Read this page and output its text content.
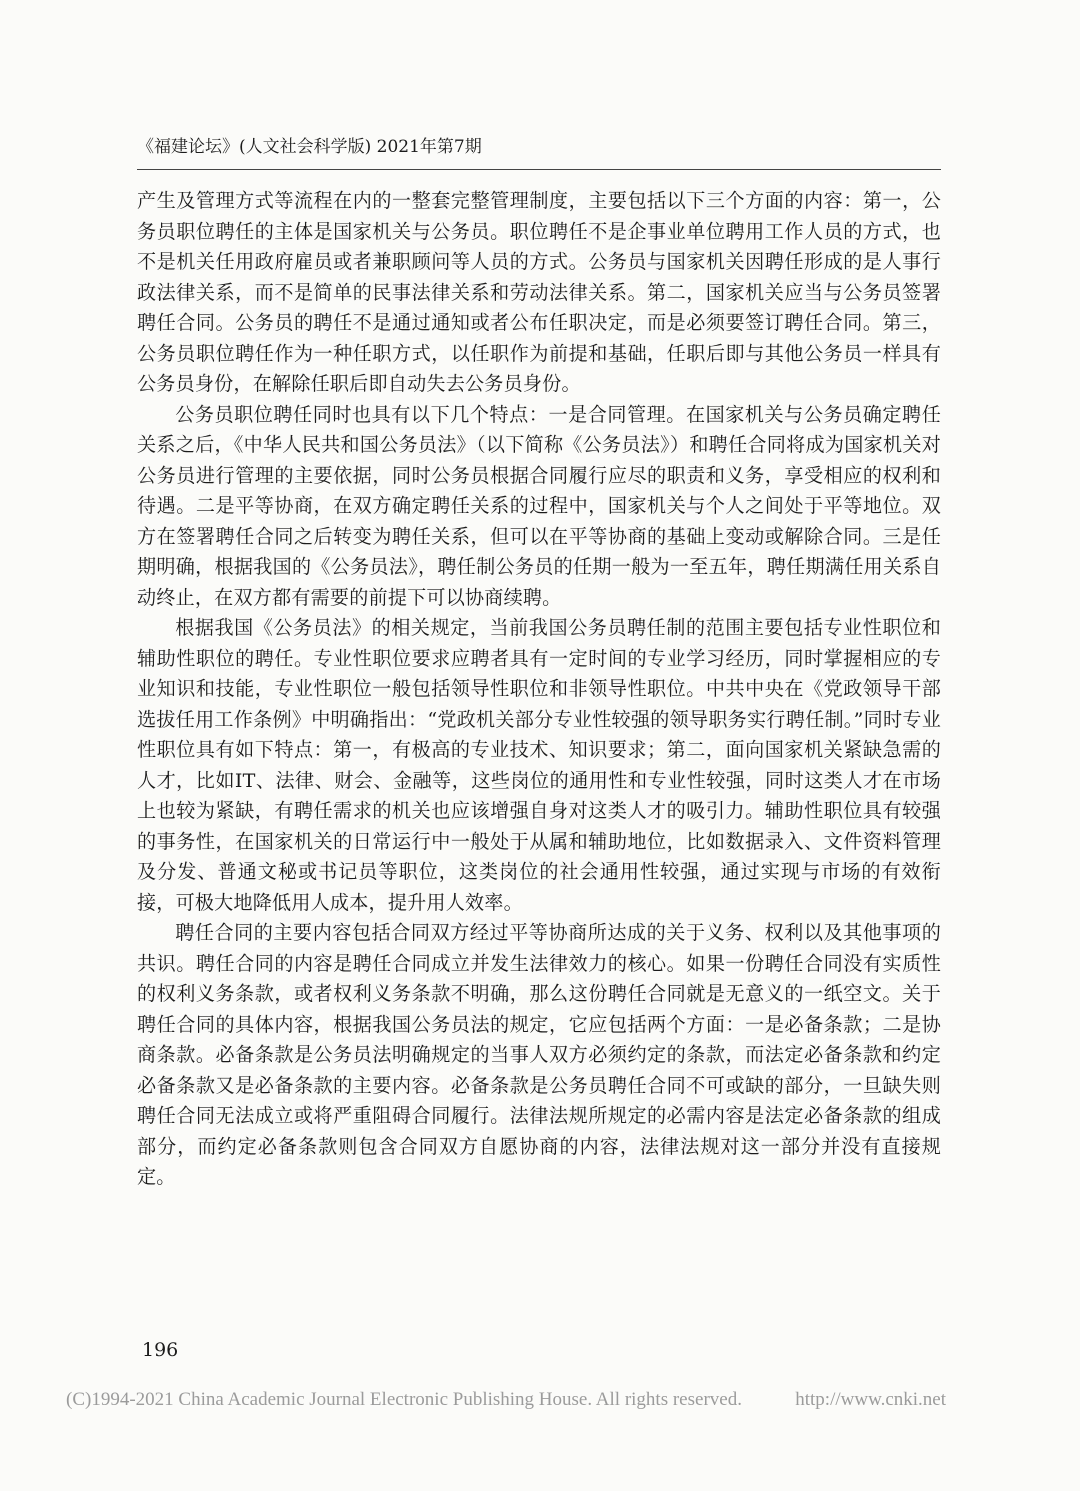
《福建论坛》(人文社会科学版) 2021年第7期

产生及管理方式等流程在内的一整套完整管理制度，主要包括以下三个方面的内容：第一，公务员职位聘任的主体是国家机关与公务员。职位聘任不是企事业单位聘用工作人员的方式，也不是机关任用政府雇员或者兼职顾问等人员的方式。公务员与国家机关因聘任形成的是人事行政法律关系，而不是简单的民事法律关系和劳动法律关系。第二，国家机关应当与公务员签署聘任合同。公务员的聘任不是通过通知或者公布任职决定，而是必须要签订聘任合同。第三，公务员职位聘任作为一种任职方式，以任职作为前提和基础，任职后即与其他公务员一样具有公务员身份，在解除任职后即自动失去公务员身份。

公务员职位聘任同时也具有以下几个特点：一是合同管理。在国家机关与公务员确定聘任关系之后，《中华人民共和国公务员法》（以下简称《公务员法》）和聘任合同将成为国家机关对公务员进行管理的主要依据，同时公务员根据合同履行应尽的职责和义务，享受相应的权利和待遇。二是平等协商，在双方确定聘任关系的过程中，国家机关与个人之间处于平等地位。双方在签署聘任合同之后转变为聘任关系，但可以在平等协商的基础上变动或解除合同。三是任期明确，根据我国的《公务员法》，聘任制公务员的任期一般为一至五年，聘任期满任用关系自动终止，在双方都有需要的前提下可以协商续聘。

根据我国《公务员法》的相关规定，当前我国公务员聘任制的范围主要包括专业性职位和辅助性职位的聘任。专业性职位要求应聘者具有一定时间的专业学习经历，同时掌握相应的专业知识和技能，专业性职位一般包括领导性职位和非领导性职位。中共中央在《党政领导干部选拔任用工作条例》中明确指出：“党政机关部分专业性较强的领导职务实行聘任制。”同时专业性职位具有如下特点：第一，有极高的专业技术、知识要求；第二，面向国家机关紧缺急需的人才，比如IT、法律、财会、金融等，这些岗位的通用性和专业性较强，同时这类人才在市场上也较为紧缺，有聘任需求的机关也应该增强自身对这类人才的吸引力。辅助性职位具有较强的事务性，在国家机关的日常运行中一般处于从属和辅助地位，比如数据录入、文件资料管理及分发、普通文秘或书记员等职位，这类岗位的社会通用性较强，通过实现与市场的有效衔接，可极大地降低用人成本，提升用人效率。

聘任合同的主要内容包括合同双方经过平等协商所达成的关于义务、权利以及其他事项的共识。聘任合同的内容是聘任合同成立并发生法律效力的核心。如果一份聘任合同没有实质性的权利义务条款，或者权利义务条款不明确，那么这份聘任合同就是无意义的一纸空文。关于聘任合同的具体内容，根据我国公务员法的规定，它应包括两个方面：一是必备条款；二是协商条款。必备条款是公务员法明确规定的当事人双方必须约定的条款，而法定必备条款和约定必备条款又是必备条款的主要内容。必备条款是公务员聘任合同不可或缺的部分，一旦缺失则聘任合同无法成立或将严重阻碍合同履行。法律法规所规定的必需内容是法定必备条款的组成部分，而约定必备条款则包含合同双方自愿协商的内容，法律法规对这一部分并没有直接规定。

196
(C)1994-2021 China Academic Journal Electronic Publishing House. All rights reserved.	http://www.cnki.net
